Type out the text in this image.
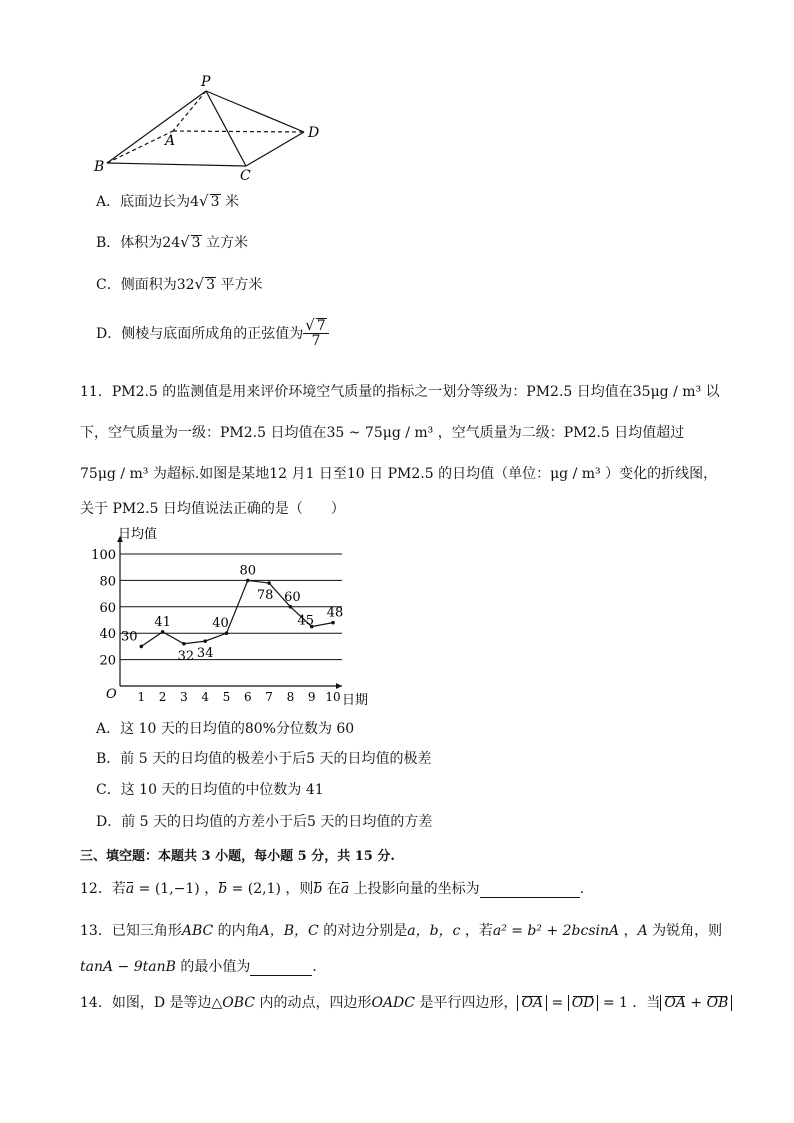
P
A
B
C
D
A．底面边长为4√ 3 米
B．体积为24√ 3 立方米
C．侧面积为32√ 3 平方米
D．侧棱与底面所成角的正弦值为 $\frac{√ 7}{7}$
11．PM2.5 的监测值是用来评价环境空气质量的指标之一划分等级为：PM2.5 日均值在35μg / m³ 以
下，空气质量为一级：PM2.5 日均值在35 ~ 75μg / m³ ，空气质量为二级：PM2.5 日均值超过
75μg / m³ 为超标.如图是某地12 月1 日至10 日 PM2.5 的日均值（单位：μg / m³ ）变化的折线图，
关于 PM2.5 日均值说法正确的是（　　）
20
40
60
80
100
日均值
日期
O 1 2 3 4 5 6 7 8 9 10
30
41
32 34
40
80
78 60
45
48
A．这 10 天的日均值的80%分位数为 60
B．前 5 天的日均值的极差小于后5 天的日均值的极差
C．这 10 天的日均值的中位数为 41
D．前 5 天的日均值的方差小于后5 天的日均值的方差
三、填空题：本题共 3 小题，每小题 5 分，共 15 分.
12．若a = (1,−1) ，b = (2,1) ，则b 在a 上投影向量的坐标为	.
13．已知三角形ABC 的内角A，B，C 的对边分别是a，b，c ，若a² = b² + 2bcsinA ，A 为锐角，则
tanA − 9tanB 的最小值为	.
14．如图，D 是等边△OBC 内的动点，四边形OADC 是平行四边形， OA = OD = 1 ．当 OA + OB
